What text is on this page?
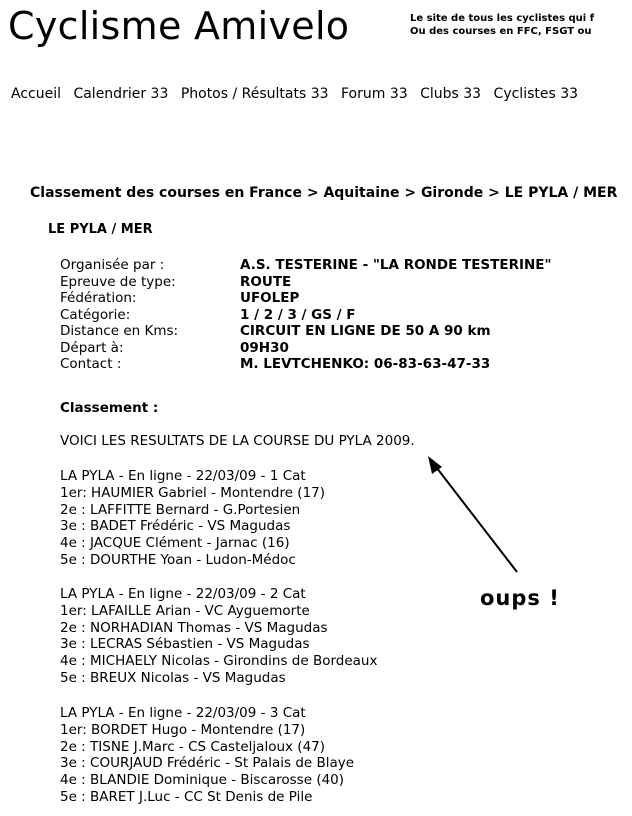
Cyclisme Amivelo	Le site de tous les cyclistes qui f
Ou des courses en FFC, FSGT ou
Accueil Calendrier 33 Photos / Résultats 33 Forum 33 Clubs 33 Cyclistes 33
Classement des courses en France > Aquitaine > Gironde > LE PYLA / MER
LE PYLA / MER
Organisée par :	A.S. TESTERINE - "LA RONDE TESTERINE"
Epreuve de type:	ROUTE
Fédération:	UFOLEP
Catégorie:	1 / 2 / 3 / GS / F
Distance en Kms:	CIRCUIT EN LIGNE DE 50 A 90 km
Départ à:	09H30
Contact :	M. LEVTCHENKO: 06-83-63-47-33
Classement :
VOICI LES RESULTATS DE LA COURSE DU PYLA 2009.
LA PYLA - En ligne - 22/03/09 - 1 Cat
1er: HAUMIER Gabriel - Montendre (17)
2e : LAFFITTE Bernard - G.Portesien
3e : BADET Frédéric - VS Magudas
4e : JACQUE Clément - Jarnac (16)
5e : DOURTHE Yoan - Ludon-Médoc
LA PYLA - En ligne - 22/03/09 - 2 Cat
1er: LAFAILLE Arian - VC Ayguemorte
2e : NORHADIAN Thomas - VS Magudas
3e : LECRAS Sébastien - VS Magudas
4e : MICHAELY Nicolas - Girondins de Bordeaux
5e : BREUX Nicolas - VS Magudas
LA PYLA - En ligne - 22/03/09 - 3 Cat
1er: BORDET Hugo - Montendre (17)
2e : TISNE J.Marc - CS Casteljaloux (47)
3e : COURJAUD Frédéric - St Palais de Blaye
4e : BLANDIE Dominique - Biscarosse (40)
5e : BARET J.Luc - CC St Denis de Pile
oups !
